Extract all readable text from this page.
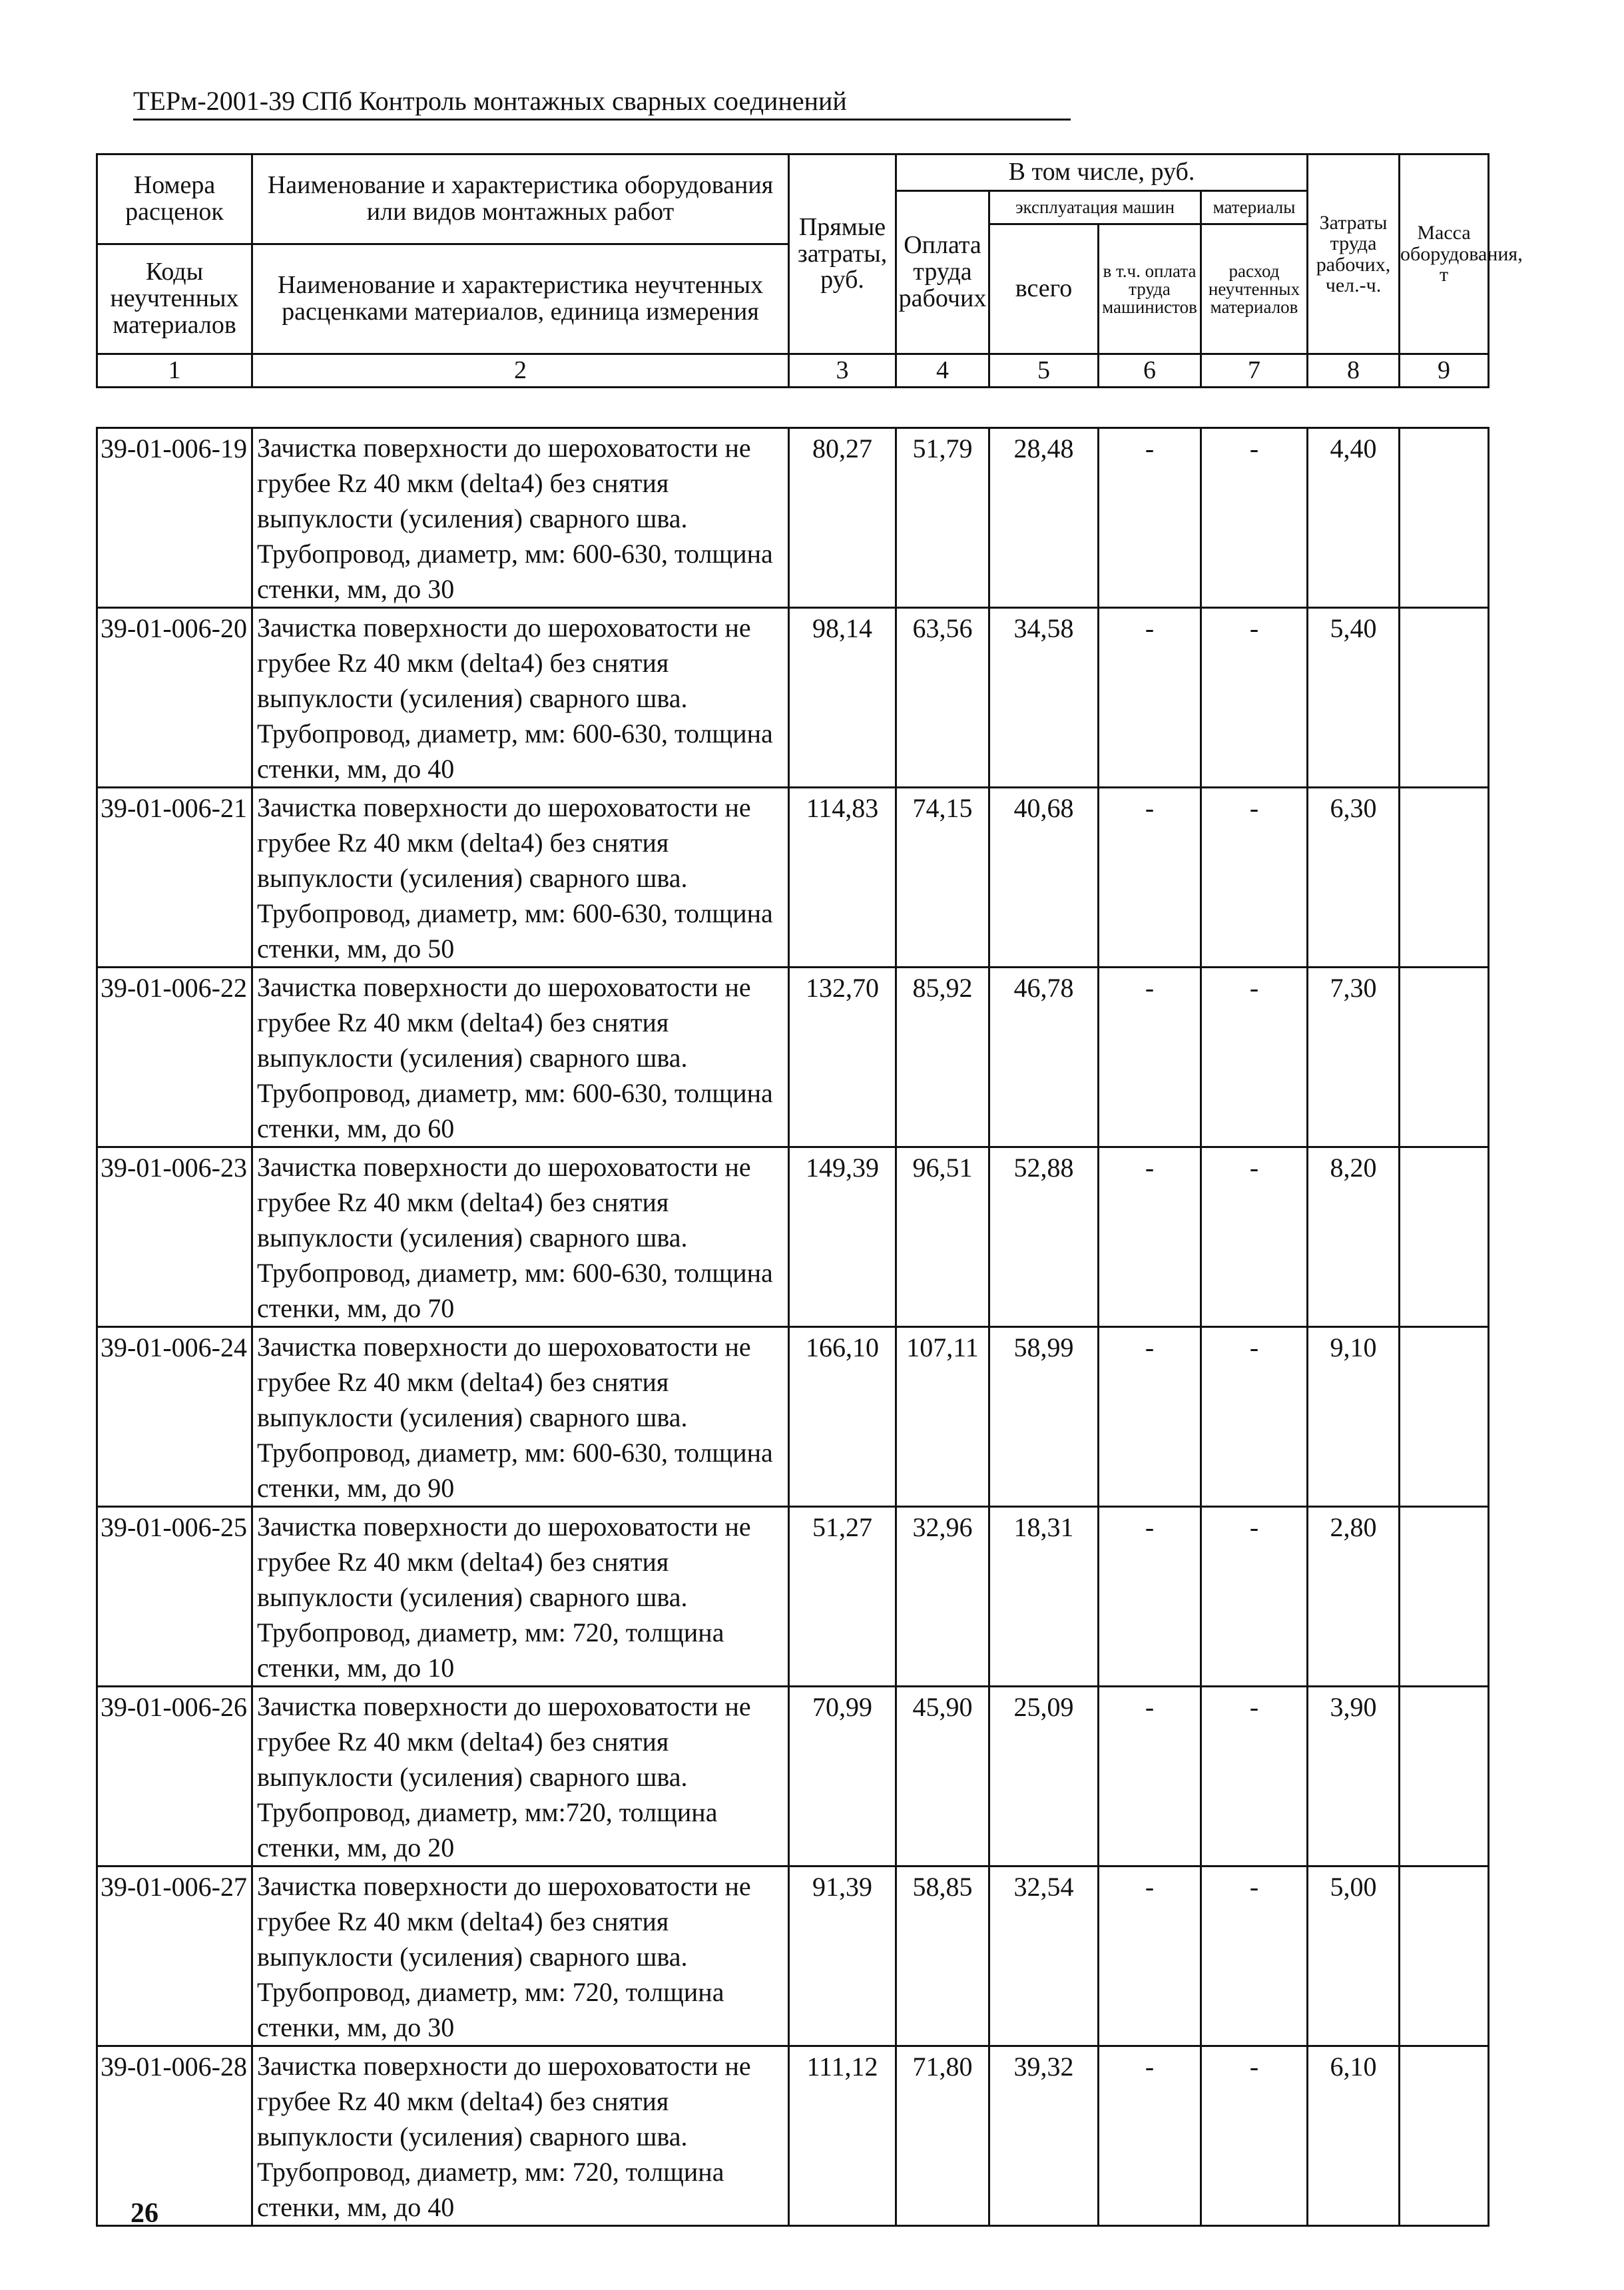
ТЕРм-2001-39 СПб Контроль монтажных сварных соединений
Номера расценок	Наименование и характеристика оборудования или видов монтажных работ	Прямые затраты, руб.	В том числе, руб.				Затраты труда рабочих, чел.-ч.	Масса оборудования, т
			Оплата труда рабочих	эксплуатация машин		материалы		
				всего	в т.ч. оплата труда машинистов	расход неучтенных материалов		
Коды неучтенных материалов	Наименование и характеристика неучтенных расценками материалов, единица измерения							

1	2	3	4	5	6	7	8	9
39-01-006-19	Зачистка поверхности до шероховатости не грубее Rz 40 мкм (delta4) без снятия выпуклости (усиления) сварного шва. Трубопровод, диаметр, мм: 600-630, толщина стенки, мм, до 30	80,27	51,79	28,48	-	-	4,40	
39-01-006-20	Зачистка поверхности до шероховатости не грубее Rz 40 мкм (delta4) без снятия выпуклости (усиления) сварного шва. Трубопровод, диаметр, мм: 600-630, толщина стенки, мм, до 40	98,14	63,56	34,58	-	-	5,40	
39-01-006-21	Зачистка поверхности до шероховатости не грубее Rz 40 мкм (delta4) без снятия выпуклости (усиления) сварного шва. Трубопровод, диаметр, мм: 600-630, толщина стенки, мм, до 50	114,83	74,15	40,68	-	-	6,30	
39-01-006-22	Зачистка поверхности до шероховатости не грубее Rz 40 мкм (delta4) без снятия выпуклости (усиления) сварного шва. Трубопровод, диаметр, мм: 600-630, толщина стенки, мм, до 60	132,70	85,92	46,78	-	-	7,30	
39-01-006-23	Зачистка поверхности до шероховатости не грубее Rz 40 мкм (delta4) без снятия выпуклости (усиления) сварного шва. Трубопровод, диаметр, мм: 600-630, толщина стенки, мм, до 70	149,39	96,51	52,88	-	-	8,20	
39-01-006-24	Зачистка поверхности до шероховатости не грубее Rz 40 мкм (delta4) без снятия выпуклости (усиления) сварного шва. Трубопровод, диаметр, мм: 600-630, толщина стенки, мм, до 90	166,10	107,11	58,99	-	-	9,10	
39-01-006-25	Зачистка поверхности до шероховатости не грубее Rz 40 мкм (delta4) без снятия выпуклости (усиления) сварного шва. Трубопровод, диаметр, мм: 720, толщина стенки, мм, до 10	51,27	32,96	18,31	-	-	2,80	
39-01-006-26	Зачистка поверхности до шероховатости не грубее Rz 40 мкм (delta4) без снятия выпуклости (усиления) сварного шва. Трубопровод, диаметр, мм:720, толщина стенки, мм, до 20	70,99	45,90	25,09	-	-	3,90	
39-01-006-27	Зачистка поверхности до шероховатости не грубее Rz 40 мкм (delta4) без снятия выпуклости (усиления) сварного шва. Трубопровод, диаметр, мм: 720, толщина стенки, мм, до 30	91,39	58,85	32,54	-	-	5,00	
39-01-006-28	Зачистка поверхности до шероховатости не грубее Rz 40 мкм (delta4) без снятия выпуклости (усиления) сварного шва. Трубопровод, диаметр, мм: 720, толщина стенки, мм, до 40	111,12	71,80	39,32	-	-	6,10	
26
